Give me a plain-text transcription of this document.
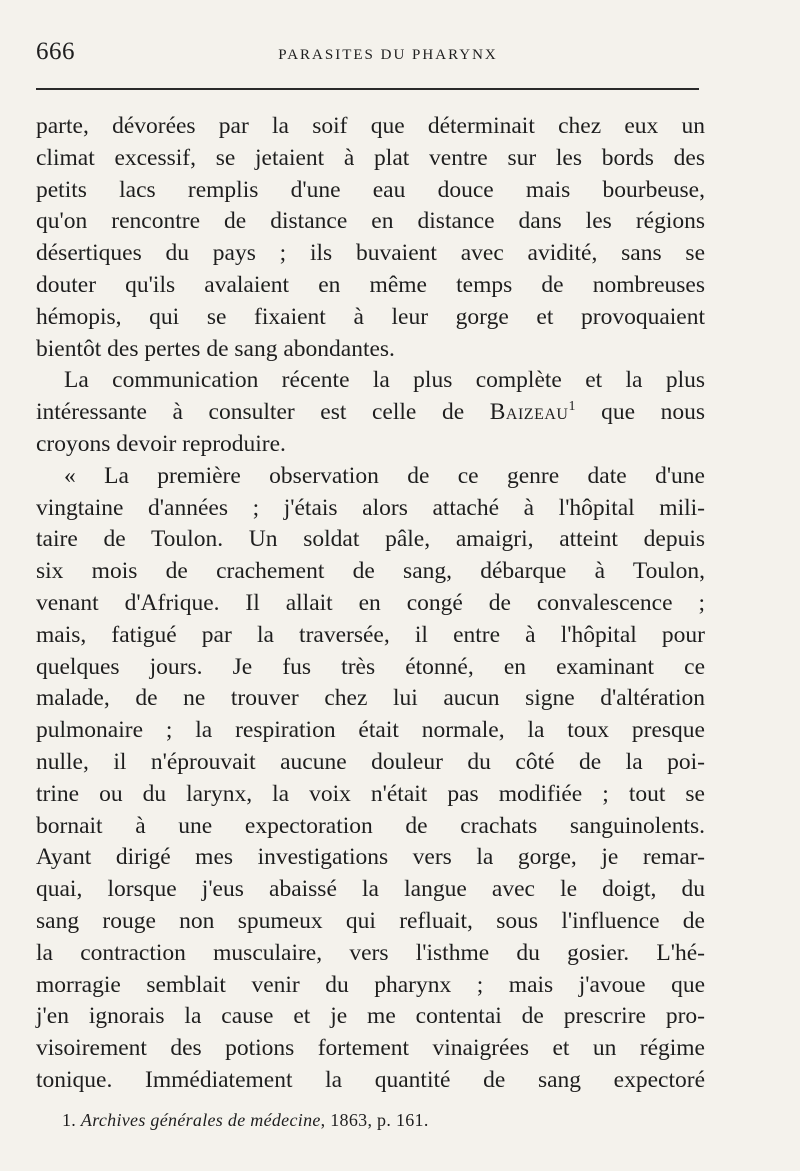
666	PARASITES DU PHARYNX
parte, dévorées par la soif que déterminait chez eux un
climat excessif, se jetaient à plat ventre sur les bords des
petits lacs remplis d'une eau douce mais bourbeuse,
qu'on rencontre de distance en distance dans les régions
désertiques du pays ; ils buvaient avec avidité, sans se
douter qu'ils avalaient en même temps de nombreuses
hémopis, qui se fixaient à leur gorge et provoquaient
bientôt des pertes de sang abondantes.
La communication récente la plus complète et la plus
intéressante à consulter est celle de Baizeau$^1$ que nous
croyons devoir reproduire.
« La première observation de ce genre date d'une
vingtaine d'années ; j'étais alors attaché à l'hôpital mili-
taire de Toulon. Un soldat pâle, amaigri, atteint depuis
six mois de crachement de sang, débarque à Toulon,
venant d'Afrique. Il allait en congé de convalescence ;
mais, fatigué par la traversée, il entre à l'hôpital pour
quelques jours. Je fus très étonné, en examinant ce
malade, de ne trouver chez lui aucun signe d'altération
pulmonaire ; la respiration était normale, la toux presque
nulle, il n'éprouvait aucune douleur du côté de la poi-
trine ou du larynx, la voix n'était pas modifiée ; tout se
bornait à une expectoration de crachats sanguinolents.
Ayant dirigé mes investigations vers la gorge, je remar-
quai, lorsque j'eus abaissé la langue avec le doigt, du
sang rouge non spumeux qui refluait, sous l'influence de
la contraction musculaire, vers l'isthme du gosier. L'hé-
morragie semblait venir du pharynx ; mais j'avoue que
j'en ignorais la cause et je me contentai de prescrire pro-
visoirement des potions fortement vinaigrées et un régime
tonique. Immédiatement la quantité de sang expectoré
1. Archives générales de médecine, 1863, p. 161.
